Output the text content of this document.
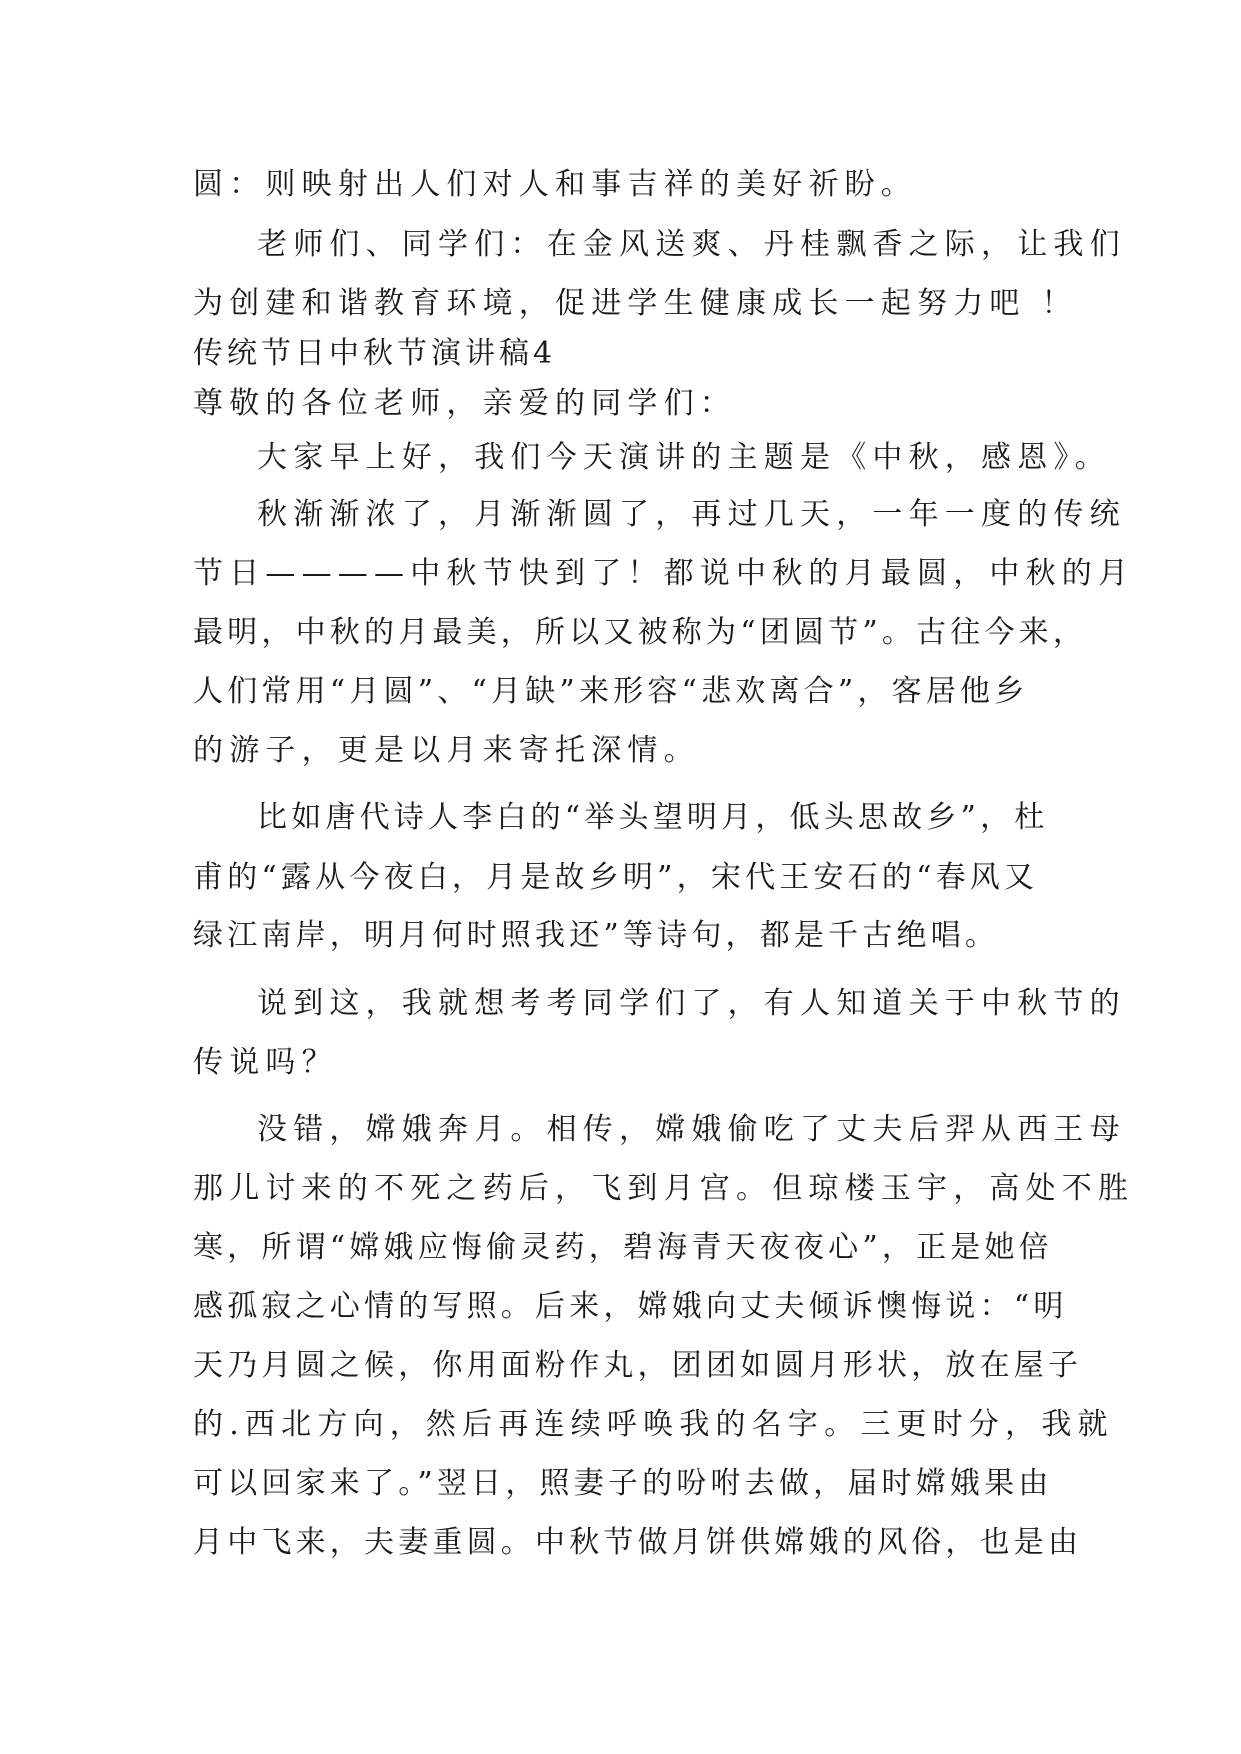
圆：则映射出人们对人和事吉祥的美好祈盼。
老师们、同学们：在金风送爽、丹桂飘香之际，让我们
为创建和谐教育环境，促进学生健康成长一起努力吧 ！
传统节日中秋节演讲稿4
尊敬的各位老师，亲爱的同学们：
大家早上好，我们今天演讲的主题是《中秋，感恩》。
秋渐渐浓了，月渐渐圆了，再过几天，一年一度的传统
节日————中秋节快到了！都说中秋的月最圆，中秋的月
最明，中秋的月最美，所以又被称为“团圆节”。古往今来，
人们常用“月圆”、“月缺”来形容“悲欢离合”，客居他乡
的游子，更是以月来寄托深情。
比如唐代诗人李白的“举头望明月，低头思故乡”，杜
甫的“露从今夜白，月是故乡明”，宋代王安石的“春风又
绿江南岸，明月何时照我还”等诗句，都是千古绝唱。
说到这，我就想考考同学们了，有人知道关于中秋节的
传说吗？
没错，嫦娥奔月。相传，嫦娥偷吃了丈夫后羿从西王母
那儿讨来的不死之药后，飞到月宫。但琼楼玉宇，高处不胜
寒，所谓“嫦娥应悔偷灵药，碧海青天夜夜心”，正是她倍
感孤寂之心情的写照。后来，嫦娥向丈夫倾诉懊悔说：“明
天乃月圆之候，你用面粉作丸，团团如圆月形状，放在屋子
的.西北方向，然后再连续呼唤我的名字。三更时分，我就
可以回家来了。”翌日，照妻子的吩咐去做，届时嫦娥果由
月中飞来，夫妻重圆。中秋节做月饼供嫦娥的风俗，也是由
